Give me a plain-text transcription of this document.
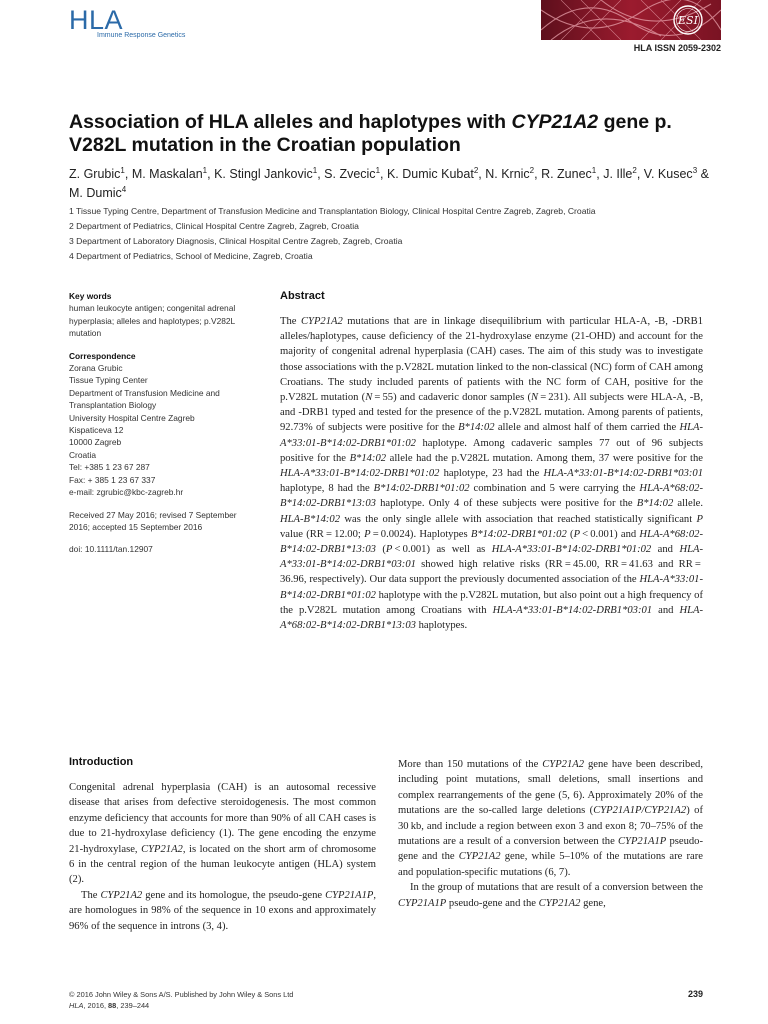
HLA
Immune Response Genetics
ESI
HLA ISSN 2059-2302
Association of HLA alleles and haplotypes with CYP21A2 gene p. V282L mutation in the Croatian population
Z. Grubic$^1$, M. Maskalan$^1$, K. Stingl Jankovic$^1$, S. Zvecic$^1$, K. Dumic Kubat$^2$, N. Krnic$^2$, R. Zunec$^1$, J. Ille$^2$, V. Kusec$^3$ & M. Dumic$^4$
1 Tissue Typing Centre, Department of Transfusion Medicine and Transplantation Biology, Clinical Hospital Centre Zagreb, Zagreb, Croatia
2 Department of Pediatrics, Clinical Hospital Centre Zagreb, Zagreb, Croatia
3 Department of Laboratory Diagnosis, Clinical Hospital Centre Zagreb, Zagreb, Croatia
4 Department of Pediatrics, School of Medicine, Zagreb, Croatia
Key words
human leukocyte antigen; congenital adrenal hyperplasia; alleles and haplotypes; p.V282L mutation
Correspondence
Zorana Grubic
Tissue Typing Center
Department of Transfusion Medicine and Transplantation Biology
University Hospital Centre Zagreb
Kispaticeva 12
10000 Zagreb
Croatia
Tel: +385 1 23 67 287
Fax: + 385 1 23 67 337
e-mail: zgrubic@kbc-zagreb.hr
Received 27 May 2016; revised 7 September 2016; accepted 15 September 2016
doi: 10.1111/tan.12907
Abstract

The CYP21A2 mutations that are in linkage disequilibrium with particular HLA-A, -B, -DRB1 alleles/haplotypes, cause deficiency of the 21-hydroxylase enzyme (21-OHD) and account for the majority of congenital adrenal hyperplasia (CAH) cases. The aim of this study was to investigate those associations with the p.V282L mutation linked to the non-classical (NC) form of CAH among Croatians. The study included parents of patients with the NC form of CAH, positive for the p.V282L mutation (N = 55) and cadaveric donor samples (N = 231). All subjects were HLA-A, -B, and -DRB1 typed and tested for the presence of the p.V282L mutation. Among parents of patients, 92.73% of subjects were positive for the B*14:02 allele and almost half of them carried the HLA-A*33:01-B*14:02-DRB1*01:02 haplotype. Among cadaveric samples 77 out of 96 subjects positive for the B*14:02 allele had the p.V282L mutation. Among them, 37 were positive for the HLA-A*33:01-B*14:02-DRB1*01:02 haplotype, 23 had the HLA-A*33:01-B*14:02-DRB1*03:01 haplotype, 8 had the B*14:02-DRB1*01:02 combination and 5 were carrying the HLA-A*68:02-B*14:02-DRB1*13:03 haplotype. Only 4 of these subjects were positive for the B*14:02 allele. HLA-B*14:02 was the only single allele with association that reached statistically significant P value (RR = 12.00; P = 0.0024). Haplotypes B*14:02-DRB1*01:02 (P < 0.001) and HLA-A*68:02-B*14:02-DRB1*13:03 (P < 0.001) as well as HLA-A*33:01-B*14:02-DRB1*01:02 and HLA-A*33:01-B*14:02-DRB1*03:01 showed high relative risks (RR = 45.00, RR = 41.63 and RR = 36.96, respectively). Our data support the previously documented association of the HLA-A*33:01-B*14:02-DRB1*01:02 haplotype with the p.V282L mutation, but also point out a high frequency of the p.V282L mutation among Croatians with HLA-A*33:01-B*14:02-DRB1*03:01 and HLA-A*68:02-B*14:02-DRB1*13:03 haplotypes.

Introduction

Congenital adrenal hyperplasia (CAH) is an autosomal recessive disease that arises from defective steroidogenesis. The most common enzyme deficiency that accounts for more than 90% of all CAH cases is due to 21-hydroxylase deficiency (1). The gene encoding the enzyme 21-hydroxylase, CYP21A2, is located on the short arm of chromosome 6 in the central region of the human leukocyte antigen (HLA) system (2).

The CYP21A2 gene and its homologue, the pseudo-gene CYP21A1P, are homologues in 98% of the sequence in 10 exons and approximately 96% of the sequence in introns (3, 4).

More than 150 mutations of the CYP21A2 gene have been described, including point mutations, small deletions, small insertions and complex rearrangements of the gene (5, 6). Approximately 20% of the mutations are the so-called large deletions (CYP21A1P/CYP21A2) of 30 kb, and include a region between exon 3 and exon 8; 70–75% of the mutations are a result of a conversion between the CYP21A1P pseudo-gene and the CYP21A2 gene, while 5–10% of the mutations are rare and population-specific mutations (6, 7).

In the group of mutations that are result of a conversion between the CYP21A1P pseudo-gene and the CYP21A2 gene,

© 2016 John Wiley & Sons A/S. Published by John Wiley & Sons Ltd
HLA, 2016, 88, 239–244
239
